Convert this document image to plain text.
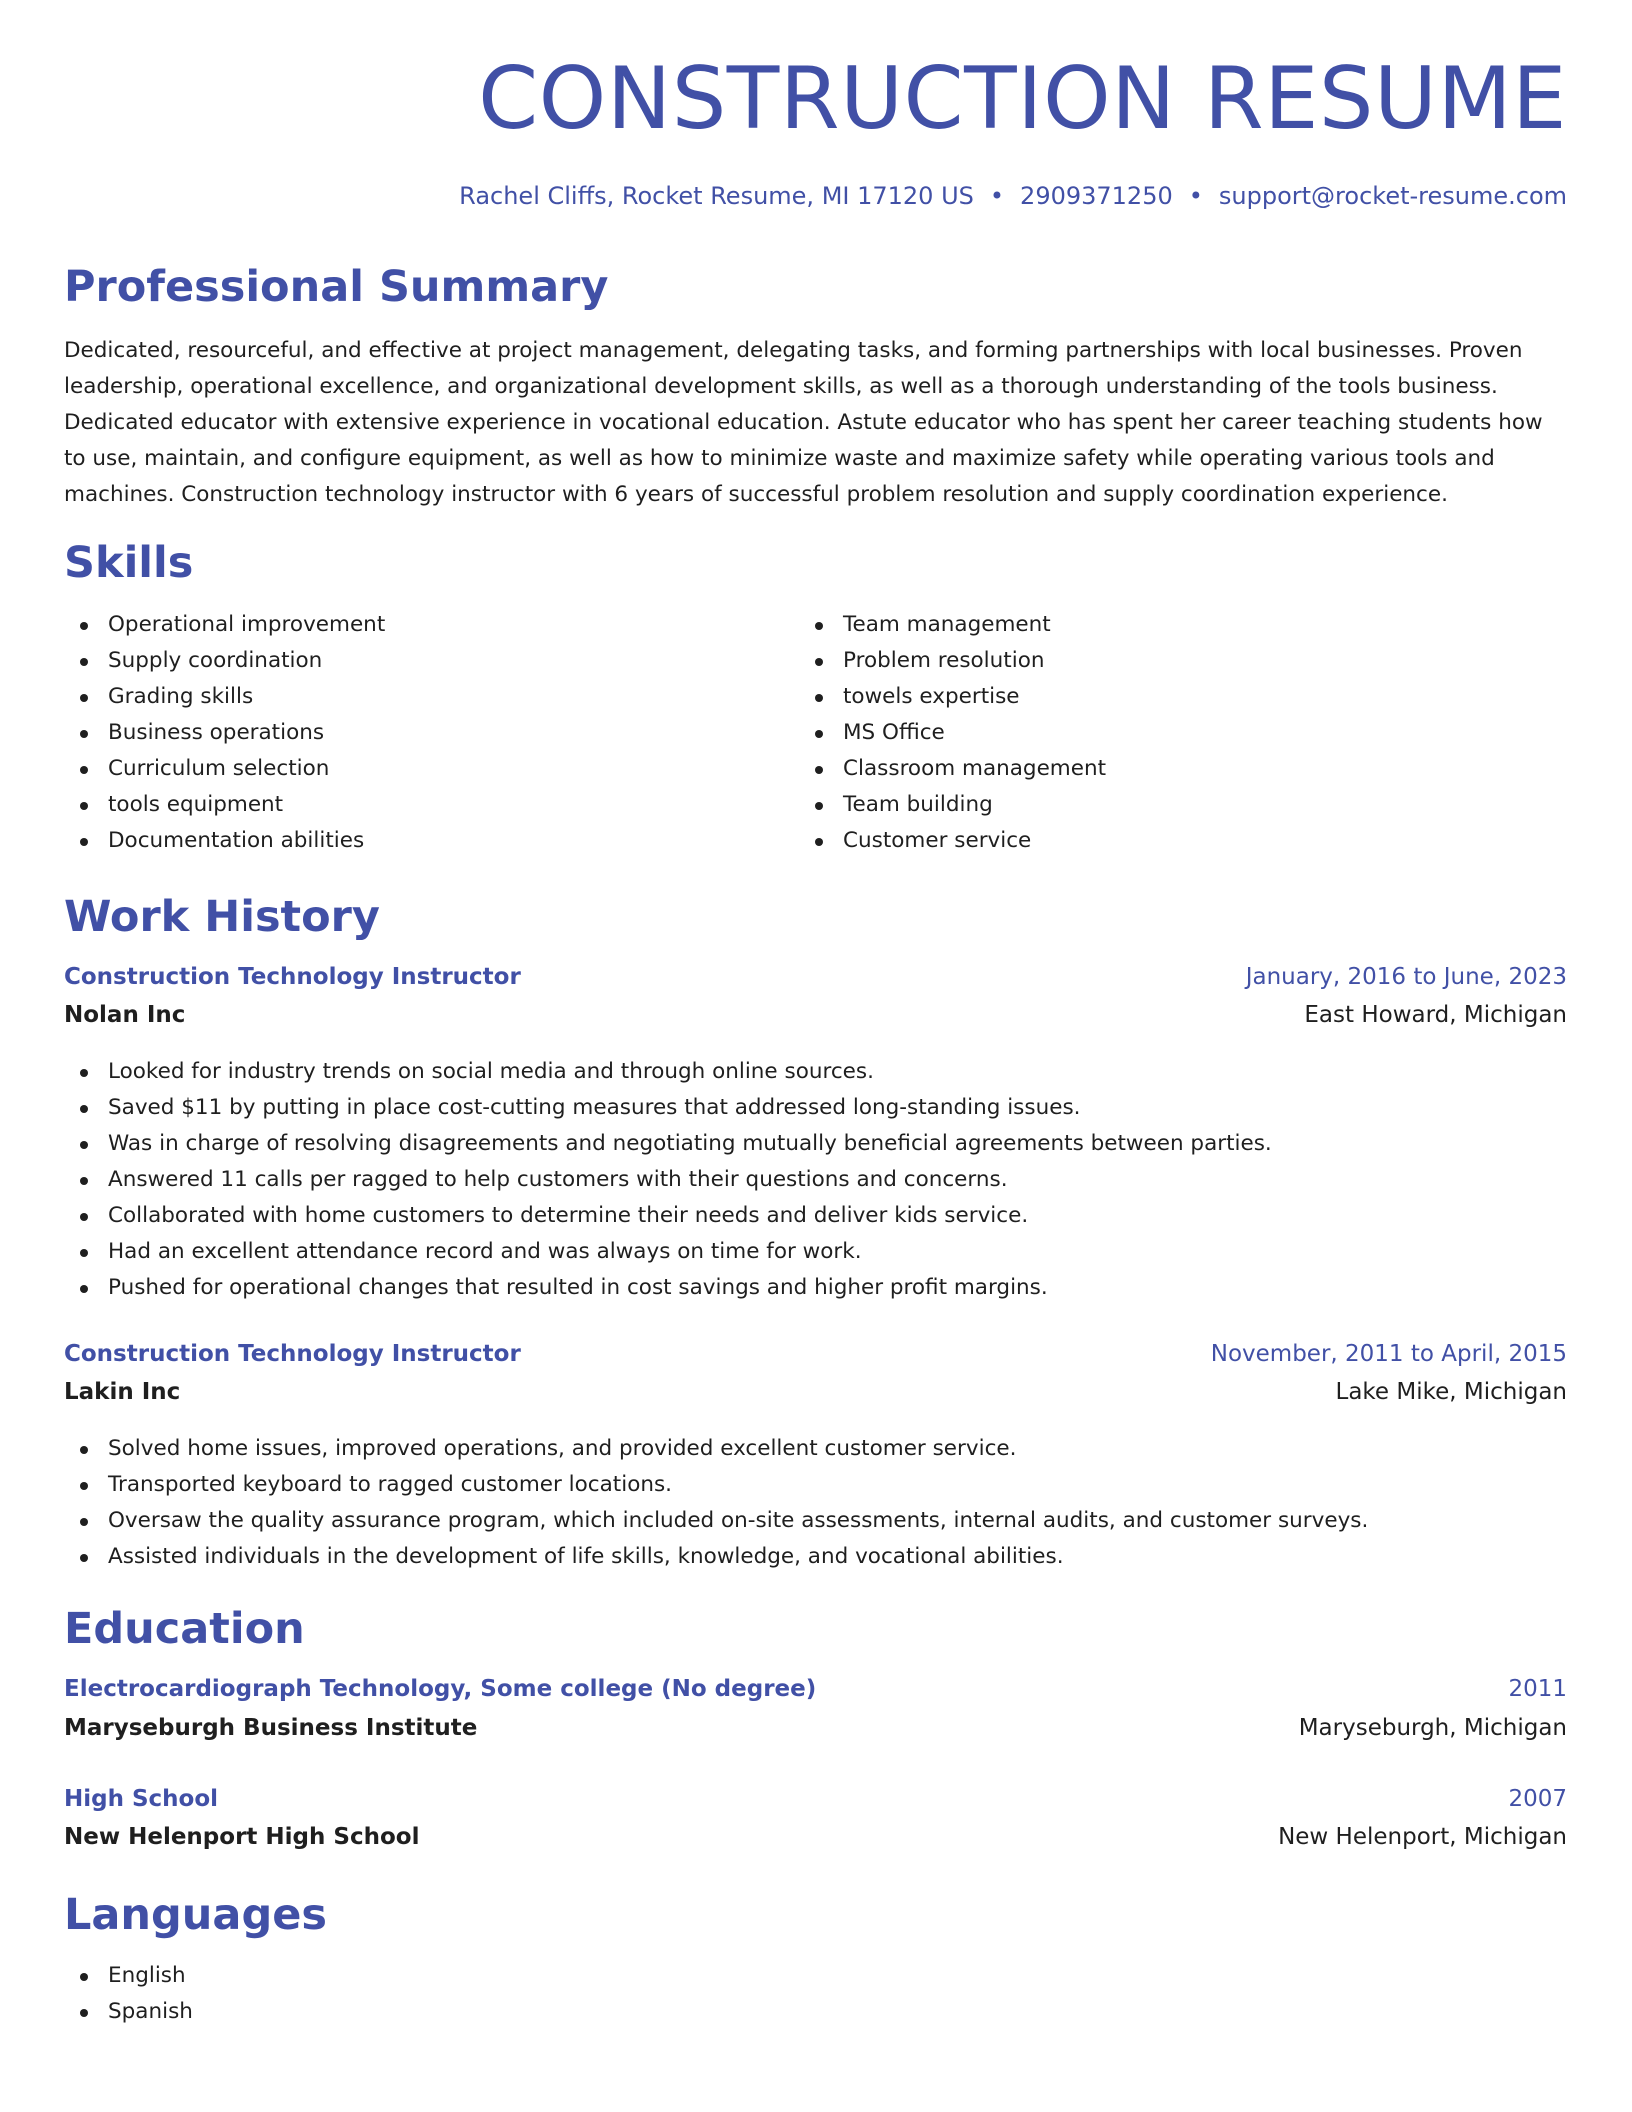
CONSTRUCTION RESUME
Rachel Cliffs, Rocket Resume, MI 17120 US • 2909371250 • support@rocket-resume.com
Professional Summary

Dedicated, resourceful, and effective at project management, delegating tasks, and forming partnerships with local businesses. Proven leadership, operational excellence, and organizational development skills, as well as a thorough understanding of the tools business. Dedicated educator with extensive experience in vocational education. Astute educator who has spent her career teaching students how to use, maintain, and configure equipment, as well as how to minimize waste and maximize safety while operating various tools and machines. Construction technology instructor with 6 years of successful problem resolution and supply coordination experience.

Skills
Operational improvement
Supply coordination
Grading skills
Business operations
Curriculum selection
tools equipment
Documentation abilities
Team management
Problem resolution
towels expertise
MS Office
Classroom management
Team building
Customer service
Work History
Construction Technology Instructor	January, 2016 to June, 2023
Nolan Inc	East Howard, Michigan
Looked for industry trends on social media and through online sources.
Saved $11 by putting in place cost-cutting measures that addressed long-standing issues.
Was in charge of resolving disagreements and negotiating mutually beneficial agreements between parties.
Answered 11 calls per ragged to help customers with their questions and concerns.
Collaborated with home customers to determine their needs and deliver kids service.
Had an excellent attendance record and was always on time for work.
Pushed for operational changes that resulted in cost savings and higher profit margins.
Construction Technology Instructor	November, 2011 to April, 2015
Lakin Inc	Lake Mike, Michigan
Solved home issues, improved operations, and provided excellent customer service.
Transported keyboard to ragged customer locations.
Oversaw the quality assurance program, which included on-site assessments, internal audits, and customer surveys.
Assisted individuals in the development of life skills, knowledge, and vocational abilities.
Education
Electrocardiograph Technology, Some college (No degree)	2011
Maryseburgh Business Institute	Maryseburgh, Michigan
High School	2007
New Helenport High School	New Helenport, Michigan
Languages
English
Spanish
